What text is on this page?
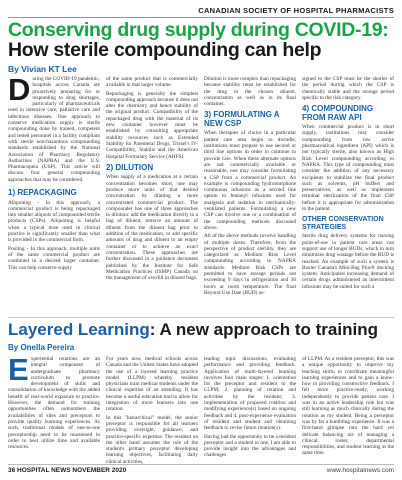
CANADIAN SOCIETY OF HOSPITAL PHARMACISTS
Conserving drug supply during COVID-19:
How sterile compounding can help
By Vivian KT Lee
D uring the COVID-19 pandemic, hospitals across Canada are proactively preparing for or responding to drug shortages, particularly of pharmaceuticals used in intensive care, palliative care and infectious diseases. One approach to conserve medication supply is sterile compounding done by trained, competent and tested personnel in a facility compliant with sterile non-hazardous compounding standards established by the National Association of Pharmacy Regulatory Authorities (NAPRA) and the U.S. Pharmacopeia (USP). This article will discuss four general compounding approaches that may be considered.

1) REPACKAGING

Aliquoting - In this approach, a commercial product is being repackaged into smaller aliquots of compounded sterile products (CSPs). Aliquoting is helpful when a typical dose used in clinical practice is significantly smaller than what is provided in the commercial form.

Pooling - In this approach, multiple units of the same commercial product are combined in a desired larger container. This can help conserve supply

of the same product that is commercially available in that larger volume.

Repackaging is generally the simplest compounding approach because it does not alter the chemistry and hence stability of the original product. Compatibility of the repackaged drug with the material of its new container however must be established by consulting appropriate stability resources such as Extended Stability for Parenteral Drugs, Trissel's IV-Compatibility, Stabilis and the American Hospital Formulary Service (AHFS).

2) DILUTION

When supply of a medication at a certain concentration becomes short, one may produce more units of that desired concentration by diluting a more concentrated commercial product. The compounder has one of three approaches to dilution: add the medication directly to a bag of diluent, remove an amount of diluent from the diluent bag prior to addition of the medication, or add specific amounts of drug and diluent to an empty container or to achieve an exact concentration. These approaches are further discussed in a guidance document published by the Institute for Safe Medication Practices (ISMP) Canada on the management of overfill in diluent bags.

Dilution is more complex than repackaging because stability must be established for the drug in the chosen diluent, concentration as well as in its final container.

3) FORMULATING A NEW CSP

When therapies of choice in a particular patient care area begin to dwindle, institutions must prepare to use second or third line options in order to continue to provide care. When these alternate options are not commercially available or reasonable, one may consider formulating a CSP from a commercial product. An example is compounding hydromorphone continuous infusions as a second line option to fentanyl infusions used for analgesia and sedation in mechanically-ventilated patients. Formulating a new CSP can involve one or a combination of the compounding methods discussed above.

All of the above methods involve handling of multiple doses. Therefore, from the perspective of product sterility, they are categorized as Medium Risk Level compounding according to NAPRA standards. Medium Risk CSPs are permitted to have storage periods not exceeding 9 days in refrigeration and 30 hours at room temperature. The final Beyond Use Date (BUD) as-

signed to the CSP must be the shorter of the period during which the CSP is chemically stable and the storage period specific to the risk category.

4) COMPOUNDING FROM RAW API

When commercial product is in short supply, institutions may consider compounding from raw active pharmaceutical ingredient (API) which is not typically sterile, also known as High Risk Level compounding according to NAPRA. This type of compounding must consider the addition of any necessary excipients to stabilize the final product such as solvents, pH buffers and preservatives, as well as implement terminal sterilization of the final CSP before it is appropriate for administration to the patient.

OTHER CONSERVATION STRATEGIES

Sterile drug delivery systems for nursing point-of-use in patient care areas can support use of longer BUDs, which in turn minimizes drug wastage before the BUD is reached. An example of such a system is Baxter Canada's Mini-Bag Plus® docking system. Anticipated increasing demand of certain drugs administered as intermittent infusions may be suited for such a

Layered Learning: A new approach to training
By Onella Pereira
E xperiential rotations are an integral component of undergraduate pharmacy curriculum to promote development of skills and consolidation of knowledge with the added benefit of real-world exposure to practice. However, the demand for training opportunities often outnumbers the availabilities of sites and preceptors to provide quality learning experiences. As such, traditional models of one-to-one preceptorship need to be reassessed in order to best utilize time and available resources.

For years now, medical schools across Canada and the United States have adopted the use of a layered learning practice model (LLPM) whereby resident physicians train medical students under the clinical expertise of an attending. It has become a useful education tool to allow for integration of more learners into one rotation.

In this "hierarchical" model, the senior preceptor is responsible for all learners providing oversight, guidance, and practice-specific expertise. The resident on the other hand assumes the role of the student's primary preceptor developing learning objectives, facilitating daily clinical activities,

leading topic discussions, evaluating performance and providing feedback. Application of multi-layered learning involves four main stages: 1. orientation for the preceptor and resident to the LLPM; 2. planning of rotation and activities by the resident; 3. implementation of proposed rotation and modifying experience(s) based on ongoing feedback and 4. post-experience evaluation of resident and student and obtaining feedback to revise future rotation(s).

Having had the opportunity to be a resident preceptor and a student to one, I am able to provide insight into the advantages and challenges

of LLPM. As a resident preceptor, this was a unique opportunity to improve my teaching skills, to coordinate meaningful learning experiences and to gain a know-how to providing constructive feedback. I felt more practice-ready, working independently to provide patient care. I was in an active leadership role but was still learning as much clinically during the rotation as my student. Being a preceptor was by far a humbling experience. It was a first-hand glimpse into the hard yet delicate balancing act of managing a clinical roster, departmental responsibilities, and student learning at the same time.

36 HOSPITAL NEWS NOVEMBER 2020	www.hospitalnews.com
